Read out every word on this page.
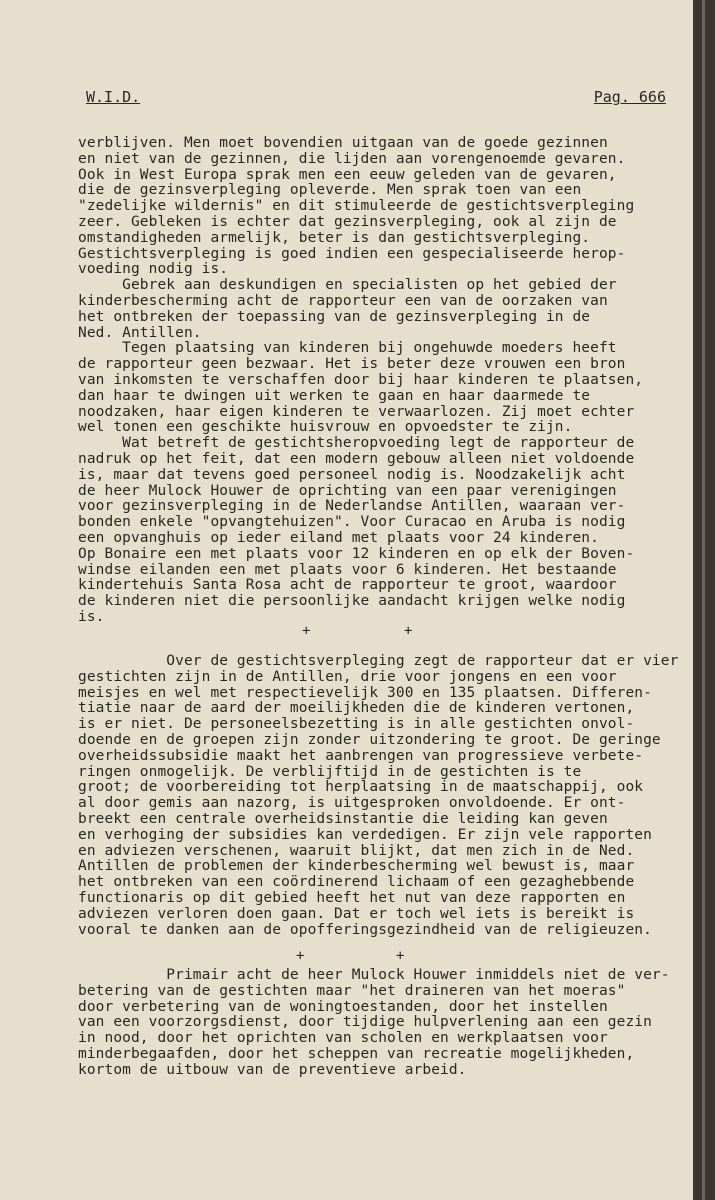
W.I.D.	Pag. 666
verblijven. Men moet bovendien uitgaan van de goede gezinnen
en niet van de gezinnen, die lijden aan vorengenoemde gevaren.
Ook in West Europa sprak men een eeuw geleden van de gevaren,
die de gezinsverpleging opleverde. Men sprak toen van een
"zedelijke wildernis" en dit stimuleerde de gestichtsverpleging
zeer. Gebleken is echter dat gezinsverpleging, ook al zijn de
omstandigheden armelijk, beter is dan gestichtsverpleging.
Gestichtsverpleging is goed indien een gespecialiseerde herop-
voeding nodig is.
Gebrek aan deskundigen en specialisten op het gebied der
kinderbescherming acht de rapporteur een van de oorzaken van
het ontbreken der toepassing van de gezinsverpleging in de
Ned. Antillen.
Tegen plaatsing van kinderen bij ongehuwde moeders heeft
de rapporteur geen bezwaar. Het is beter deze vrouwen een bron
van inkomsten te verschaffen door bij haar kinderen te plaatsen,
dan haar te dwingen uit werken te gaan en haar daarmede te
noodzaken, haar eigen kinderen te verwaarlozen. Zij moet echter
wel tonen een geschikte huisvrouw en opvoedster te zijn.
Wat betreft de gestichtsheropvoeding legt de rapporteur de
nadruk op het feit, dat een modern gebouw alleen niet voldoende
is, maar dat tevens goed personeel nodig is. Noodzakelijk acht
de heer Mulock Houwer de oprichting van een paar verenigingen
voor gezinsverpleging in de Nederlandse Antillen, waaraan ver-
bonden enkele "opvangtehuizen". Voor Curacao en Aruba is nodig
een opvanghuis op ieder eiland met plaats voor 24 kinderen.
Op Bonaire een met plaats voor 12 kinderen en op elk der Boven-
windse eilanden een met plaats voor 6 kinderen. Het bestaande
kindertehuis Santa Rosa acht de rapporteur te groot, waardoor
de kinderen niet die persoonlijke aandacht krijgen welke nodig
is.
+	+
Over de gestichtsverpleging zegt de rapporteur dat er vier
gestichten zijn in de Antillen, drie voor jongens en een voor
meisjes en wel met respectievelijk 300 en 135 plaatsen. Differen-
tiatie naar de aard der moeilijkheden die de kinderen vertonen,
is er niet. De personeelsbezetting is in alle gestichten onvol-
doende en de groepen zijn zonder uitzondering te groot. De geringe
overheidssubsidie maakt het aanbrengen van progressieve verbete-
ringen onmogelijk. De verblijftijd in de gestichten is te
groot; de voorbereiding tot herplaatsing in de maatschappij, ook
al door gemis aan nazorg, is uitgesproken onvoldoende. Er ont-
breekt een centrale overheidsinstantie die leiding kan geven
en verhoging der subsidies kan verdedigen. Er zijn vele rapporten
en adviezen verschenen, waaruit blijkt, dat men zich in de Ned.
Antillen de problemen der kinderbescherming wel bewust is, maar
het ontbreken van een coördinerend lichaam of een gezaghebbende
functionaris op dit gebied heeft het nut van deze rapporten en
adviezen verloren doen gaan. Dat er toch wel iets is bereikt is
vooral te danken aan de opofferingsgezindheid van de religieuzen.
+	+
Primair acht de heer Mulock Houwer inmiddels niet de ver-
betering van de gestichten maar "het draineren van het moeras"
door verbetering van de woningtoestanden, door het instellen
van een voorzorgsdienst, door tijdige hulpverlening aan een gezin
in nood, door het oprichten van scholen en werkplaatsen voor
minderbegaafden, door het scheppen van recreatie mogelijkheden,
kortom de uitbouw van de preventieve arbeid.
